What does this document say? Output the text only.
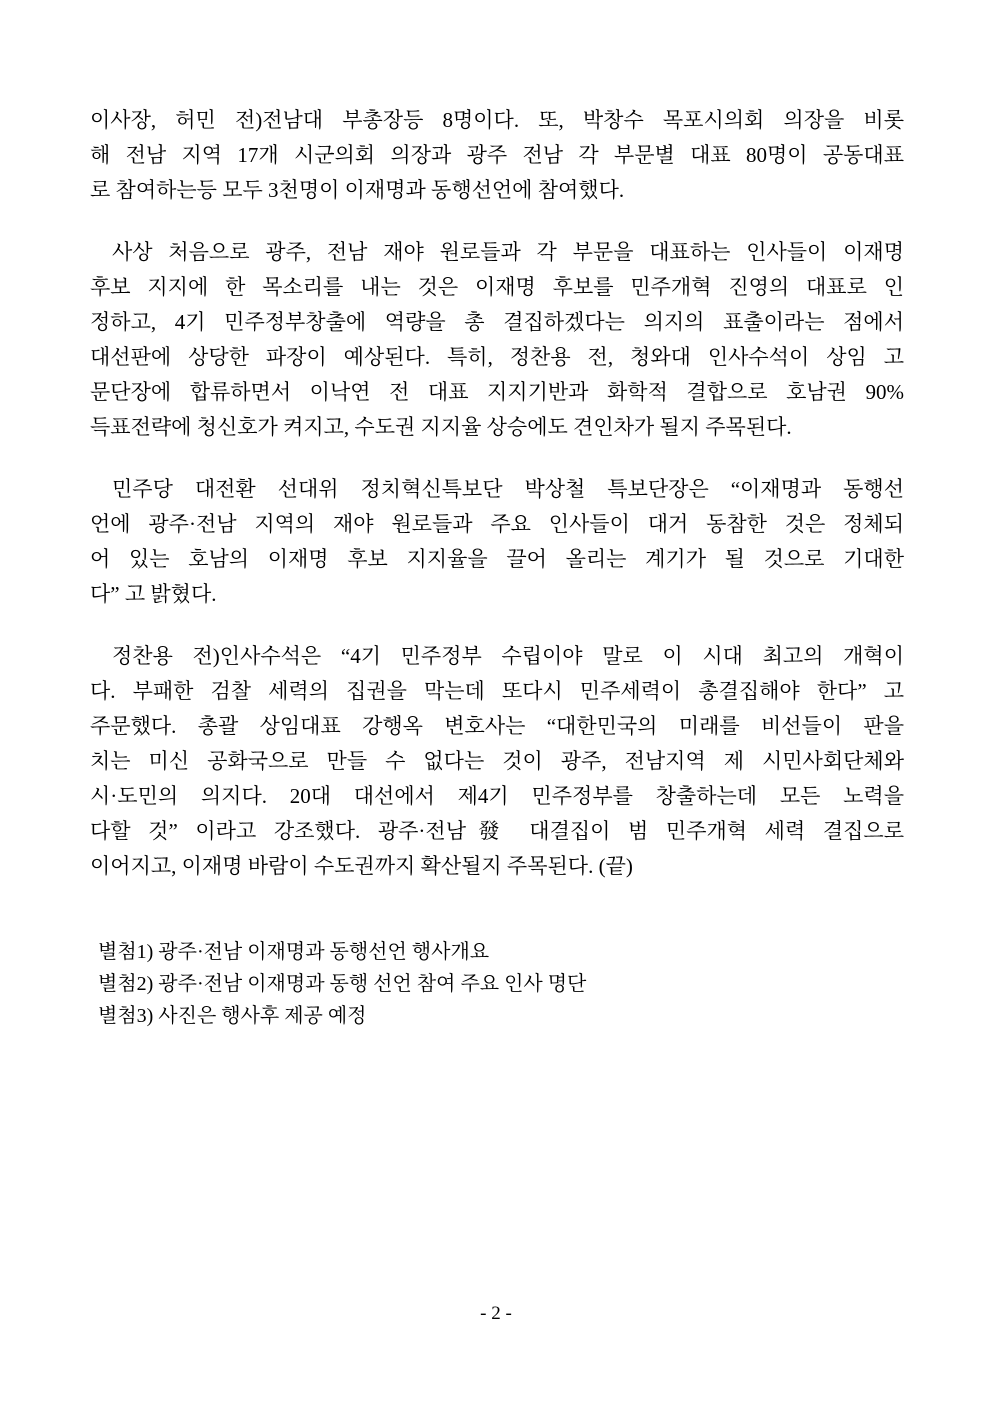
이사장, 허민 전)전남대 부총장등 8명이다. 또, 박창수 목포시의회 의장을 비롯
해 전남 지역 17개 시군의회 의장과 광주 전남 각 부문별 대표 80명이 공동대표
로 참여하는등 모두 3천명이 이재명과 동행선언에 참여했다.
사상 처음으로 광주, 전남 재야 원로들과 각 부문을 대표하는 인사들이 이재명
후보 지지에 한 목소리를 내는 것은 이재명 후보를 민주개혁 진영의 대표로 인
정하고, 4기 민주정부창출에 역량을 총 결집하겠다는 의지의 표출이라는 점에서
대선판에 상당한 파장이 예상된다. 특히, 정찬용 전, 청와대 인사수석이 상임 고
문단장에 합류하면서 이낙연 전 대표 지지기반과 화학적 결합으로 호남권 90%
득표전략에 청신호가 켜지고, 수도권 지지율 상승에도 견인차가 될지 주목된다.
민주당 대전환 선대위 정치혁신특보단 박상철 특보단장은 “이재명과 동행선
언에 광주·전남 지역의 재야 원로들과 주요 인사들이 대거 동참한 것은 정체되
어 있는 호남의 이재명 후보 지지율을 끌어 올리는 계기가 될 것으로 기대한
다” 고 밝혔다.
정찬용 전)인사수석은 “4기 민주정부 수립이야 말로 이 시대 최고의 개혁이
다. 부패한 검찰 세력의 집권을 막는데 또다시 민주세력이 총결집해야 한다” 고
주문했다. 총괄 상임대표 강행옥 변호사는 “대한민국의 미래를 비선들이 판을
치는 미신 공화국으로 만들 수 없다는 것이 광주, 전남지역 제 시민사회단체와
시·도민의 의지다. 20대 대선에서 제4기 민주정부를 창출하는데 모든 노력을
다할 것” 이라고 강조했다. 광주·전남發 대결집이 범 민주개혁 세력 결집으로
이어지고, 이재명 바람이 수도권까지 확산될지 주목된다. (끝)
별첨1) 광주·전남 이재명과 동행선언 행사개요
별첨2) 광주·전남 이재명과 동행 선언 참여 주요 인사 명단
별첨3) 사진은 행사후 제공 예정
- 2 -
